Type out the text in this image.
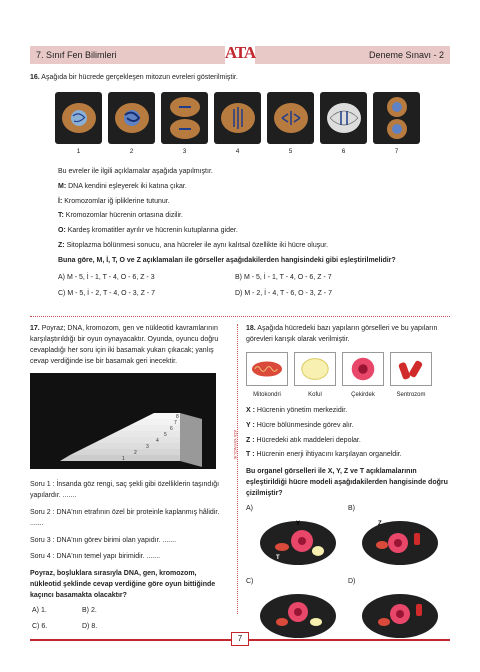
7. Sınıf Fen Bilimleri	ATA	Deneme Sınavı - 2

16. Aşağıda bir hücrede gerçekleşen mitozun evreleri gösterilmiştir.

1	2	3	4	5	6	7

Bu evreler ile ilgili açıklamalar aşağıda yapılmıştır.

M: DNA kendini eşleyerek iki katına çıkar.

İ: Kromozomlar iğ ipliklerine tutunur.

T: Kromozomlar hücrenin ortasına dizilir.

O: Kardeş kromatitler ayrılır ve hücrenin kutuplarına gider.

Z: Sitoplazma bölünmesi sonucu, ana hücreler ile aynı kalıtsal özellikte iki hücre oluşur.

Buna göre, M, İ, T, O ve Z açıklamaları ile görseller aşağıdakilerden hangisindeki gibi eşleştirilmelidir?

A) M - 5, İ - 1, T - 4, O - 6, Z - 3	B) M - 5, İ - 1, T - 4, O - 6, Z - 7
C) M - 5, İ - 2, T - 4, O - 3, Z - 7	D) M - 2, İ - 4, T - 6, O - 3, Z - 7
ATA YAYINCILIK

17. Poyraz; DNA, kromozom, gen ve nükleotid kavramlarının karşılaştırıldığı bir oyun oynayacaktır. Oyunda, oyuncu doğru cevapladığı her soru için iki basamak yukarı çıkacak; yanlış cevap verdiğinde ise bir basamak geri inecektir.

1
2
3
4
5
6
7
8

Soru 1 : İnsanda göz rengi, saç şekli gibi özelliklerin taşındığı yapılardır. .......

Soru 2 : DNA'nın etrafının özel bir proteinle kaplanmış hâlidir. .......

Soru 3 : DNA'nın görev birimi olan yapıdır. .......

Soru 4 : DNA'nın temel yapı birimidir. .......

Poyraz, boşluklara sırasıyla DNA, gen, kromozom, nükleotid şeklinde cevap verdiğine göre oyun bittiğinde kaçıncı basamakta olacaktır?

A) 1.	B) 2.
C) 6.	D) 8.

18. Aşağıda hücredeki bazı yapıların görselleri ve bu yapıların görevleri karışık olarak verilmiştir.

Mitokondri	Koful	Çekirdek	Sentrozom

X : Hücrenin yönetim merkezidir.

Y : Hücre bölünmesinde görev alır.

Z : Hücredeki atık maddeleri depolar.

T : Hücrenin enerji ihtiyacını karşılayan organeldir.

Bu organel görselleri ile X, Y, Z ve T açıklamalarının eşleştirildiği hücre modeli aşağıdakilerden hangisinde doğru çizilmiştir?

A)
Y
T
B)
Z
C)	D)
7
